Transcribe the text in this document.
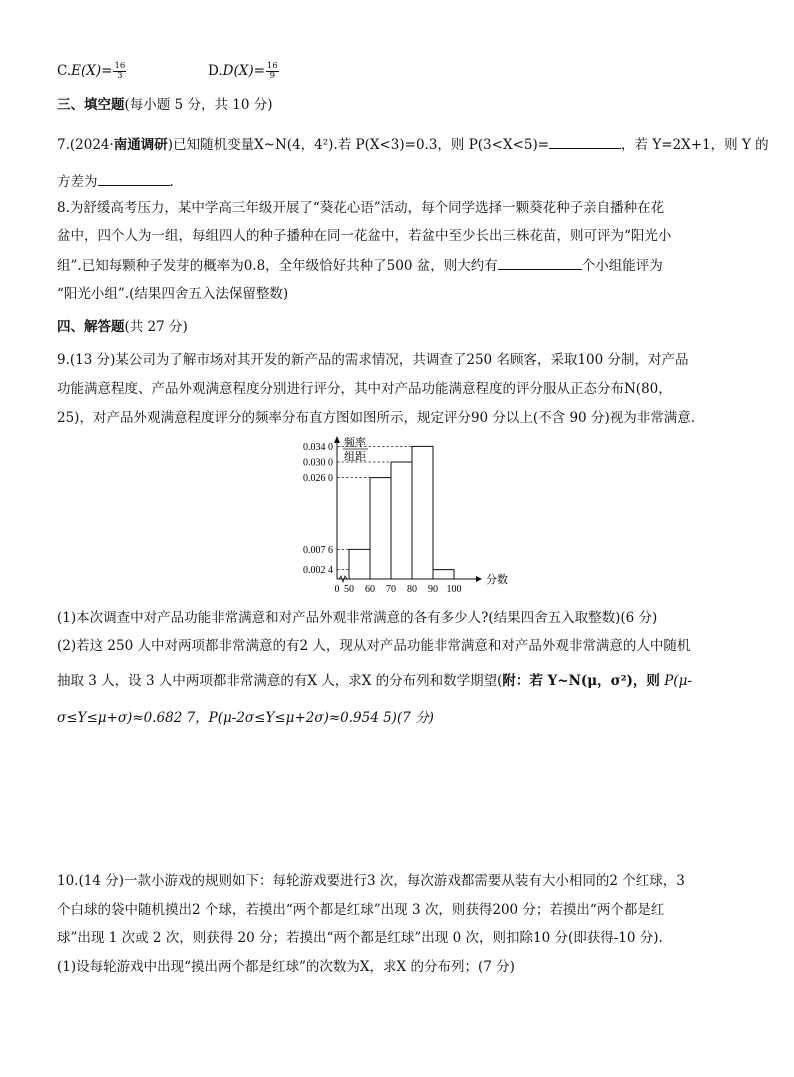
$C.E(X)= \frac{16}{3}$	$D.D(X)= \frac{16}{9}$
三、填空题(每小题 5 分，共 10 分)
7.(2024·南通调研)已知随机变量X~N(4，4²).若 P(X<3)=0.3，则 P(3<X<5)=	，若 Y=2X+1，则 Y 的
方差为	.
8.为舒缓高考压力，某中学高三年级开展了“葵花心语”活动，每个同学选择一颗葵花种子亲自播种在花
盆中，四个人为一组，每组四人的种子播种在同一花盆中，若盆中至少长出三株花苗，则可评为“阳光小
组”.已知每颗种子发芽的概率为0.8，全年级恰好共种了500 盆，则大约有	个小组能评为
“阳光小组”.(结果四舍五入法保留整数)
四、解答题(共 27 分)
9.(13 分)某公司为了解市场对其开发的新产品的需求情况，共调查了250 名顾客，采取100 分制，对产品
功能满意程度、产品外观满意程度分别进行评分，其中对产品功能满意程度的评分服从正态分布N(80，
25)，对产品外观满意程度评分的频率分布直方图如图所示，规定评分90 分以上(不含 90 分)视为非常满意.
0.002 4
0.007 6
0.026 0
0.030 0
0.034 0
0 50 60 70 80 90 100
分数
频率
组距
(1)本次调查中对产品功能非常满意和对产品外观非常满意的各有多少人?(结果四舍五入取整数)(6 分)
(2)若这 250 人中对两项都非常满意的有2 人，现从对产品功能非常满意和对产品外观非常满意的人中随机
抽取 3 人，设 3 人中两项都非常满意的有X 人，求X 的分布列和数学期望(附：若 Y~N(μ，σ²)，则 P(μ-
σ≤Y≤μ+σ)≈0.682 7，P(μ-2σ≤Y≤μ+2σ)≈0.954 5)(7 分)
10.(14 分)一款小游戏的规则如下：每轮游戏要进行3 次，每次游戏都需要从装有大小相同的2 个红球，3
个白球的袋中随机摸出2 个球，若摸出“两个都是红球”出现 3 次，则获得200 分；若摸出“两个都是红
球”出现 1 次或 2 次，则获得 20 分；若摸出“两个都是红球”出现 0 次，则扣除10 分(即获得-10 分).
(1)设每轮游戏中出现“摸出两个都是红球”的次数为X，求X 的分布列；(7 分)
